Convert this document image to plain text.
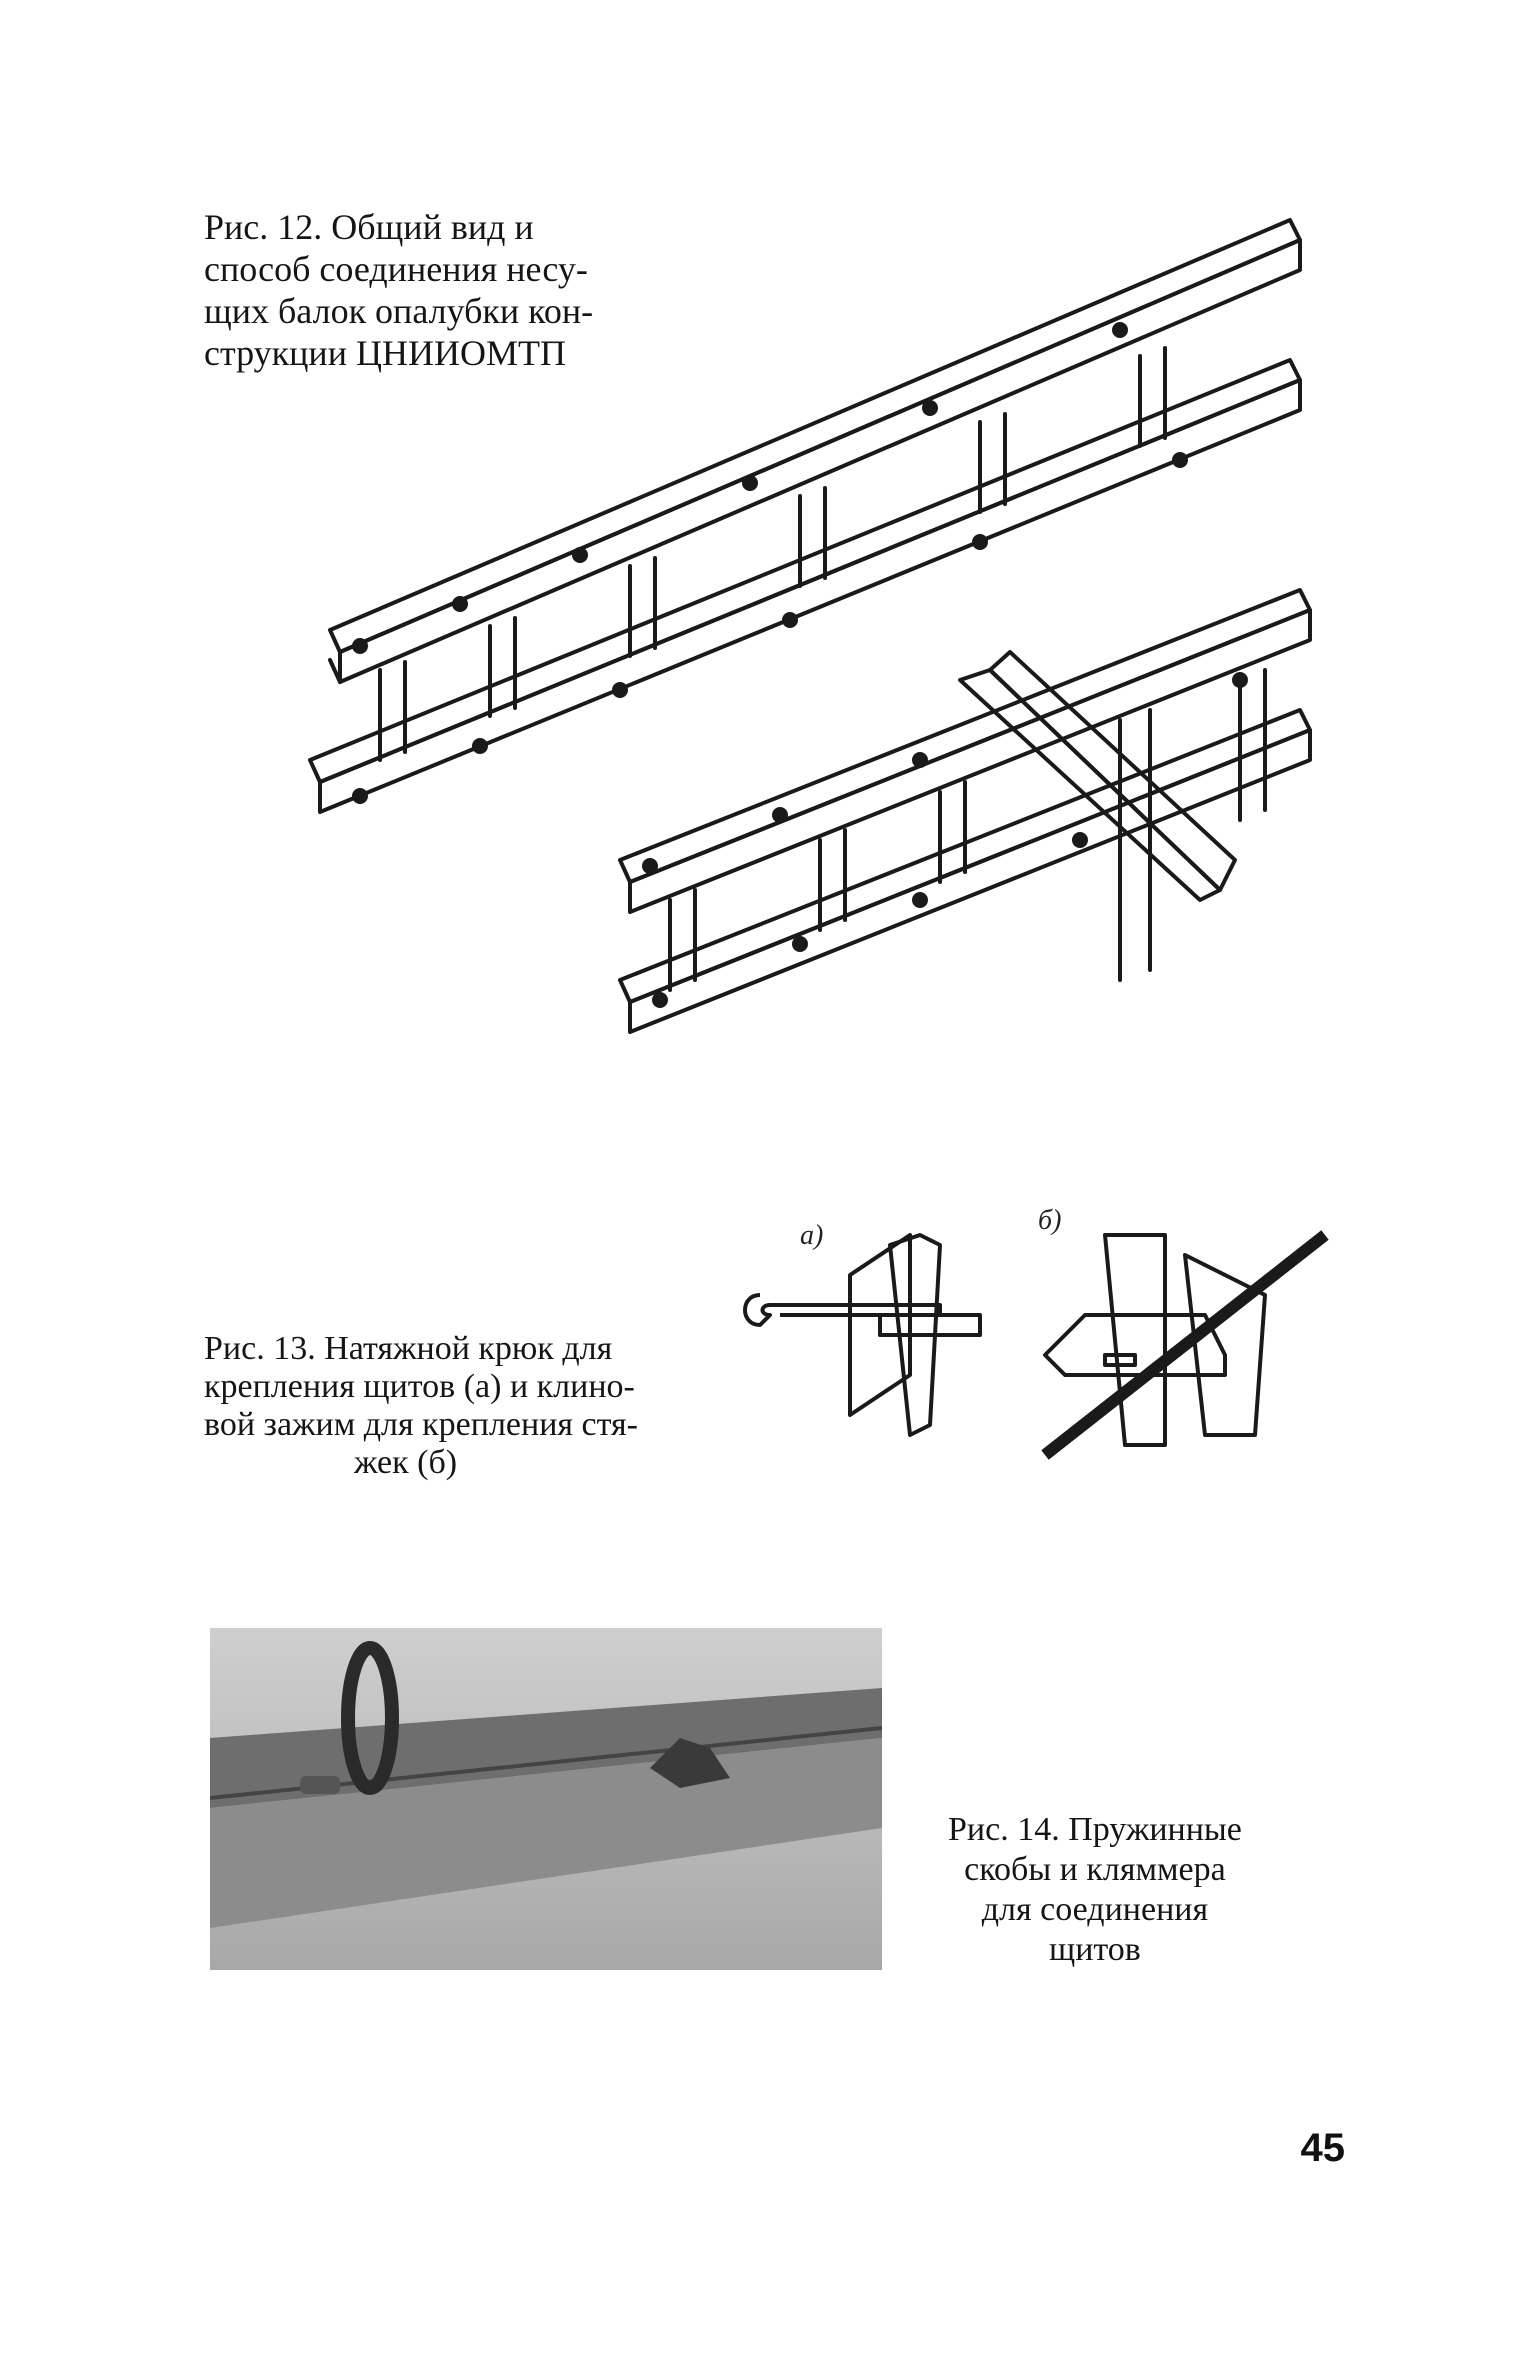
Рис. 12. Общий вид и
способ соединения несу-
щих балок опалубки кон-
струкции ЦНИИОМТП
Рис. 13. Натяжной крюк для
крепления щитов (а) и клино-
вой зажим для крепления стя-
жек (б)
а)	б)
Рис. 14. Пружинные
скобы и кляммера
для соединения
щитов
45
